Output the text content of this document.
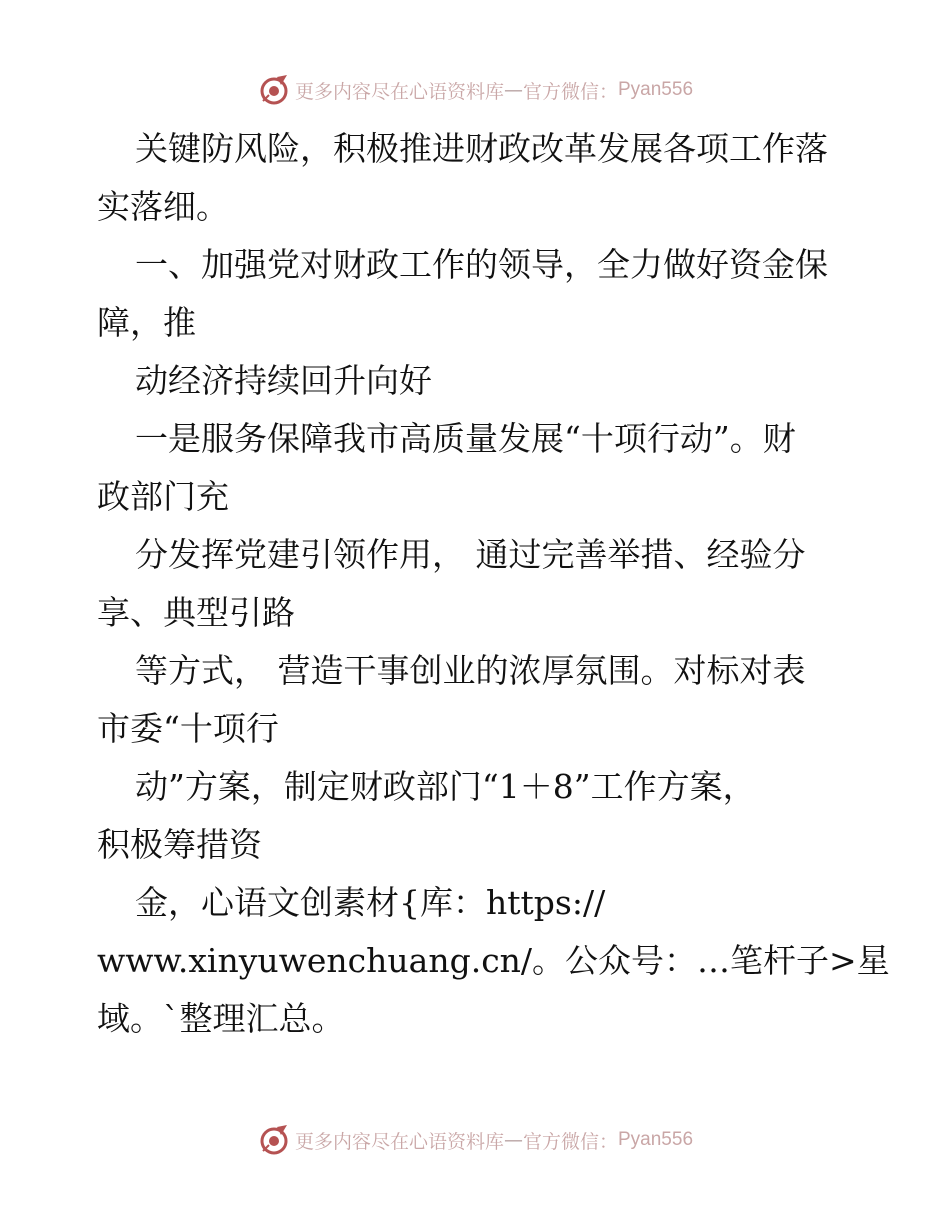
更多内容尽在心语资料库 — 官方微信： Pyan556
关键防风险，积极推进财政改革发展各项工作落
实落细。
一、加强党对财政工作的领导，全力做好资金保
障，推
动经济持续回升向好
一是服务保障我市高质量发展“十项行动”。财
政部门充
分发挥党建引领作用， 通过完善举措、经验分
享、典型引路
等方式， 营造干事创业的浓厚氛围。对标对表
市委“十项行
动”方案，制定财政部门“1＋8”工作方案，
积极筹措资
金，心语文创素材{库：https://
www.xinyuwenchuang.cn/。公众号：…笔杆子>星
域。`整理汇总。
更多内容尽在心语资料库 — 官方微信： Pyan556
